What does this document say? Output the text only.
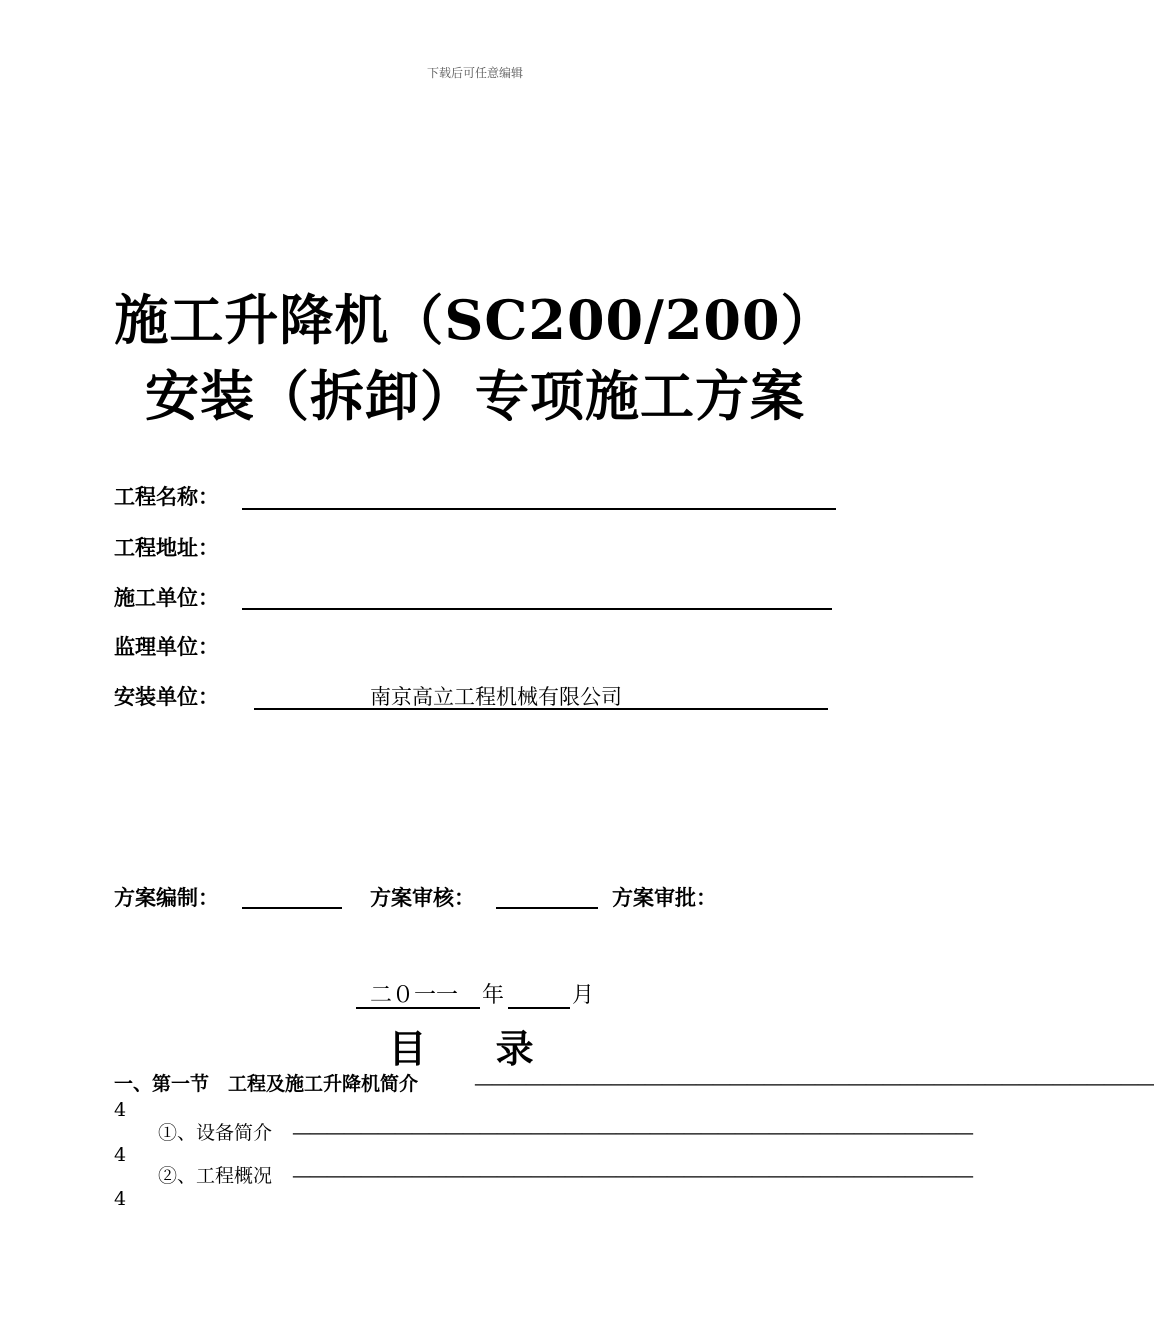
下载后可任意编辑
施工升降机（SC200/200）
安装（拆卸）专项施工方案
工程名称：
工程地址：
施工单位：
监理单位：
安装单位：	南京高立工程机械有限公司
方案编制：	方案审核：	方案审批：
二０一一 年	月
目 录
一、第一节　工程及施工升降机简介	————————————————————————————————————————
4
①、设备简介 ————————————————————————————————————————
4
②、工程概况 ————————————————————————————————————————
4
